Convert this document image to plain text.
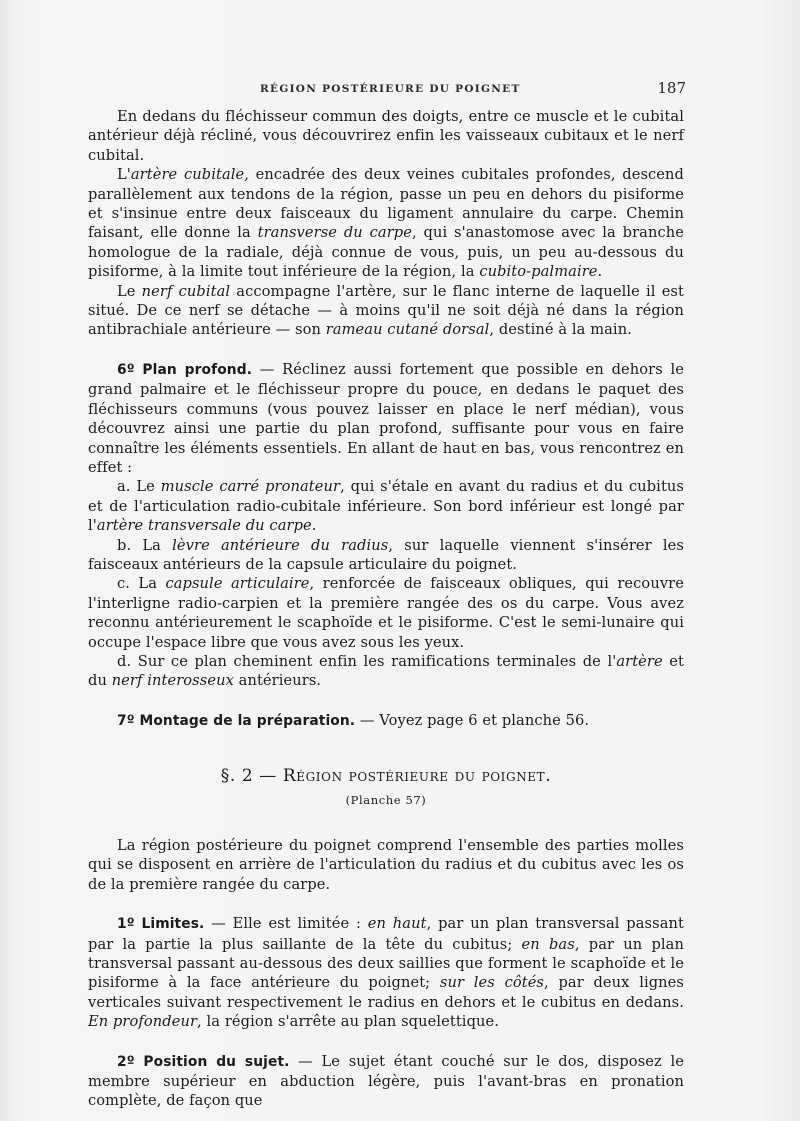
RÉGION POSTÉRIEURE DU POIGNET	187

En dedans du fléchisseur commun des doigts, entre ce muscle et le cubital antérieur déjà récliné, vous découvrirez enfin les vaisseaux cubitaux et le nerf cubital.

L'artère cubitale, encadrée des deux veines cubitales profondes, descend parallèlement aux tendons de la région, passe un peu en dehors du pisiforme et s'insinue entre deux faisceaux du ligament annulaire du carpe. Chemin faisant, elle donne la transverse du carpe, qui s'anastomose avec la branche homologue de la radiale, déjà connue de vous, puis, un peu au-dessous du pisiforme, à la limite tout inférieure de la région, la cubito-palmaire.

Le nerf cubital accompagne l'artère, sur le flanc interne de laquelle il est situé. De ce nerf se détache — à moins qu'il ne soit déjà né dans la région antibrachiale antérieure — son rameau cutané dorsal, destiné à la main.

6º Plan profond. — Réclinez aussi fortement que possible en dehors le grand palmaire et le fléchisseur propre du pouce, en dedans le paquet des fléchisseurs communs (vous pouvez laisser en place le nerf médian), vous découvrez ainsi une partie du plan profond, suffisante pour vous en faire connaître les éléments essentiels. En allant de haut en bas, vous rencontrez en effet :

a. Le muscle carré pronateur, qui s'étale en avant du radius et du cubitus et de l'articulation radio-cubitale inférieure. Son bord inférieur est longé par l'artère transversale du carpe.

b. La lèvre antérieure du radius, sur laquelle viennent s'insérer les faisceaux antérieurs de la capsule articulaire du poignet.

c. La capsule articulaire, renforcée de faisceaux obliques, qui recouvre l'interligne radio-carpien et la première rangée des os du carpe. Vous avez reconnu antérieurement le scaphoïde et le pisiforme. C'est le semi-lunaire qui occupe l'espace libre que vous avez sous les yeux.

d. Sur ce plan cheminent enfin les ramifications terminales de l'artère et du nerf interosseux antérieurs.

7º Montage de la préparation. — Voyez page 6 et planche 56.

§. 2 — Région postérieure du poignet.
(Planche 57)

La région postérieure du poignet comprend l'ensemble des parties molles qui se disposent en arrière de l'articulation du radius et du cubitus avec les os de la première rangée du carpe.

1º Limites. — Elle est limitée : en haut, par un plan transversal passant par la partie la plus saillante de la tête du cubitus; en bas, par un plan transversal passant au-dessous des deux saillies que forment le scaphoïde et le pisiforme à la face antérieure du poignet; sur les côtés, par deux lignes verticales suivant respectivement le radius en dehors et le cubitus en dedans. En profondeur, la région s'arrête au plan squelettique.

2º Position du sujet. — Le sujet étant couché sur le dos, disposez le membre supérieur en abduction légère, puis l'avant-bras en pronation complète, de façon que
